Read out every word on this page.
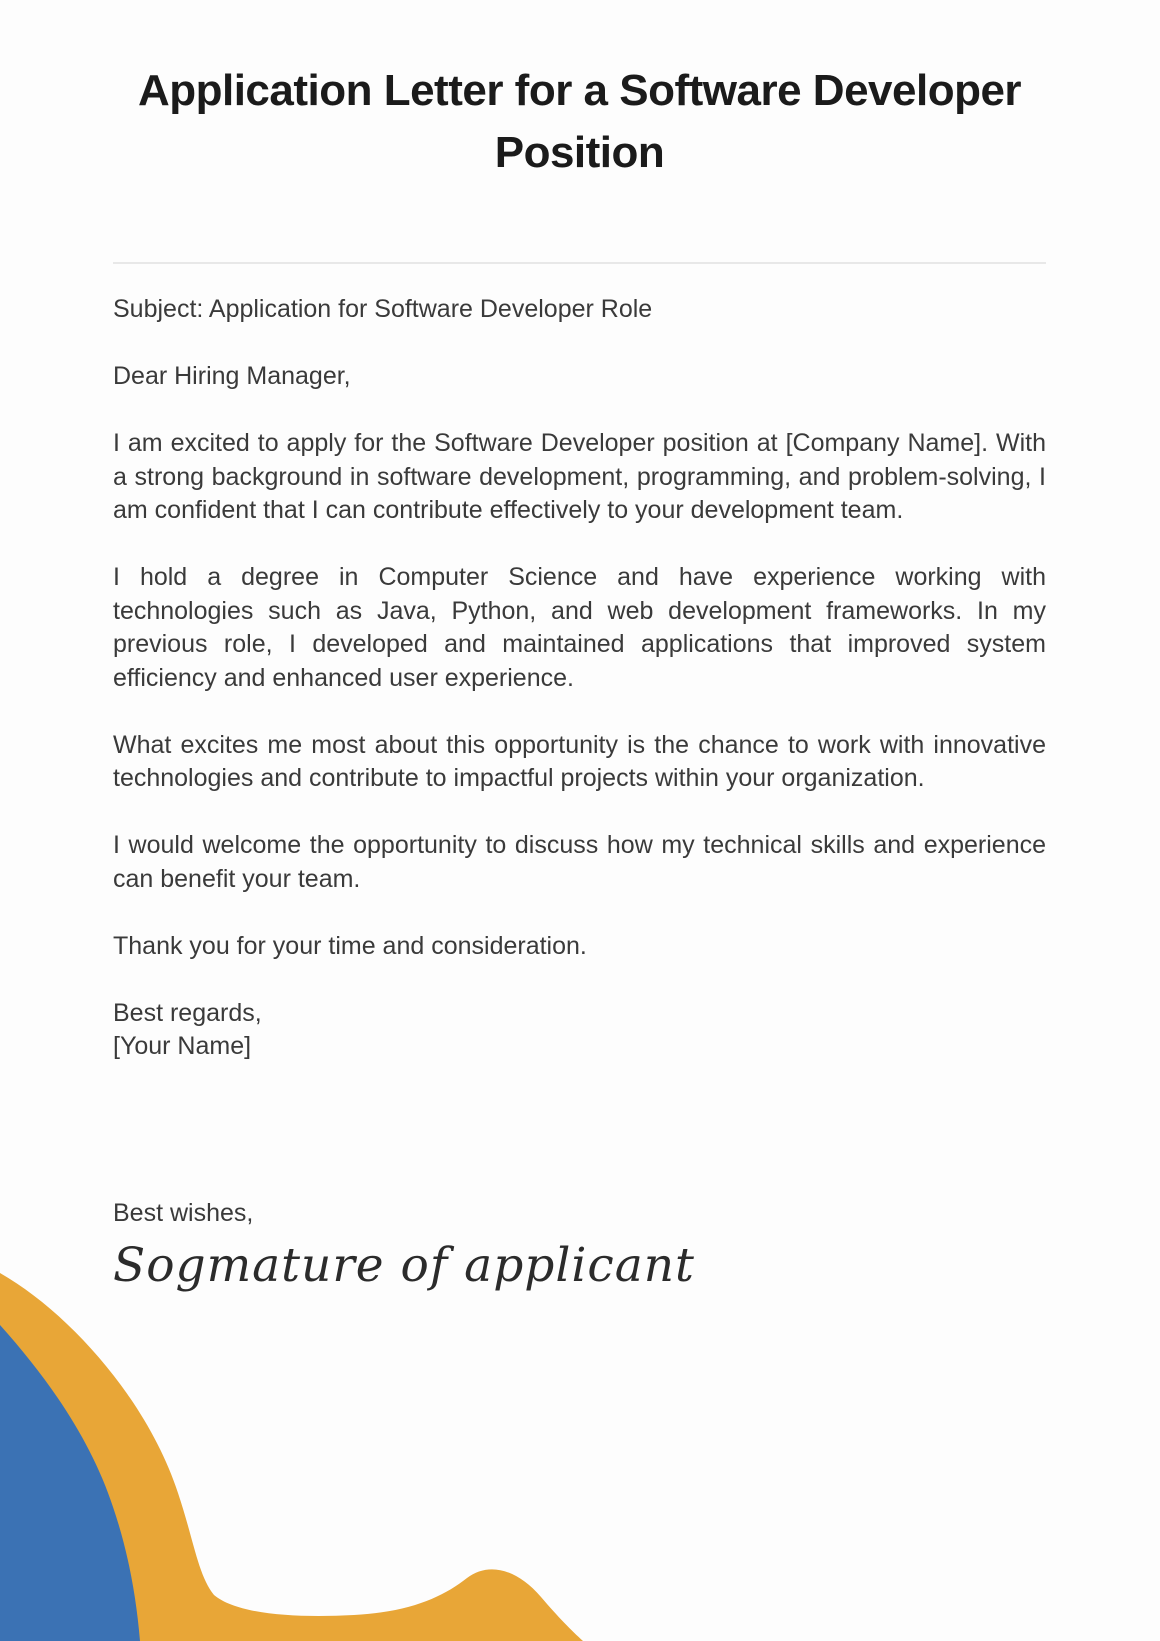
Application Letter for a Software Developer Position

Subject: Application for Software Developer Role

Dear Hiring Manager,

I am excited to apply for the Software Developer position at [Company Name]. With a strong background in software development, programming, and problem-solving, I am confident that I can contribute effectively to your development team.

I hold a degree in Computer Science and have experience working with technologies such as Java, Python, and web development frameworks. In my previous role, I developed and maintained applications that improved system efficiency and enhanced user experience.

What excites me most about this opportunity is the chance to work with innovative technologies and contribute to impactful projects within your organization.

I would welcome the opportunity to discuss how my technical skills and experience can benefit your team.

Thank you for your time and consideration.

Best regards,

[Your Name]

Best wishes,

Sogmature of applicant
